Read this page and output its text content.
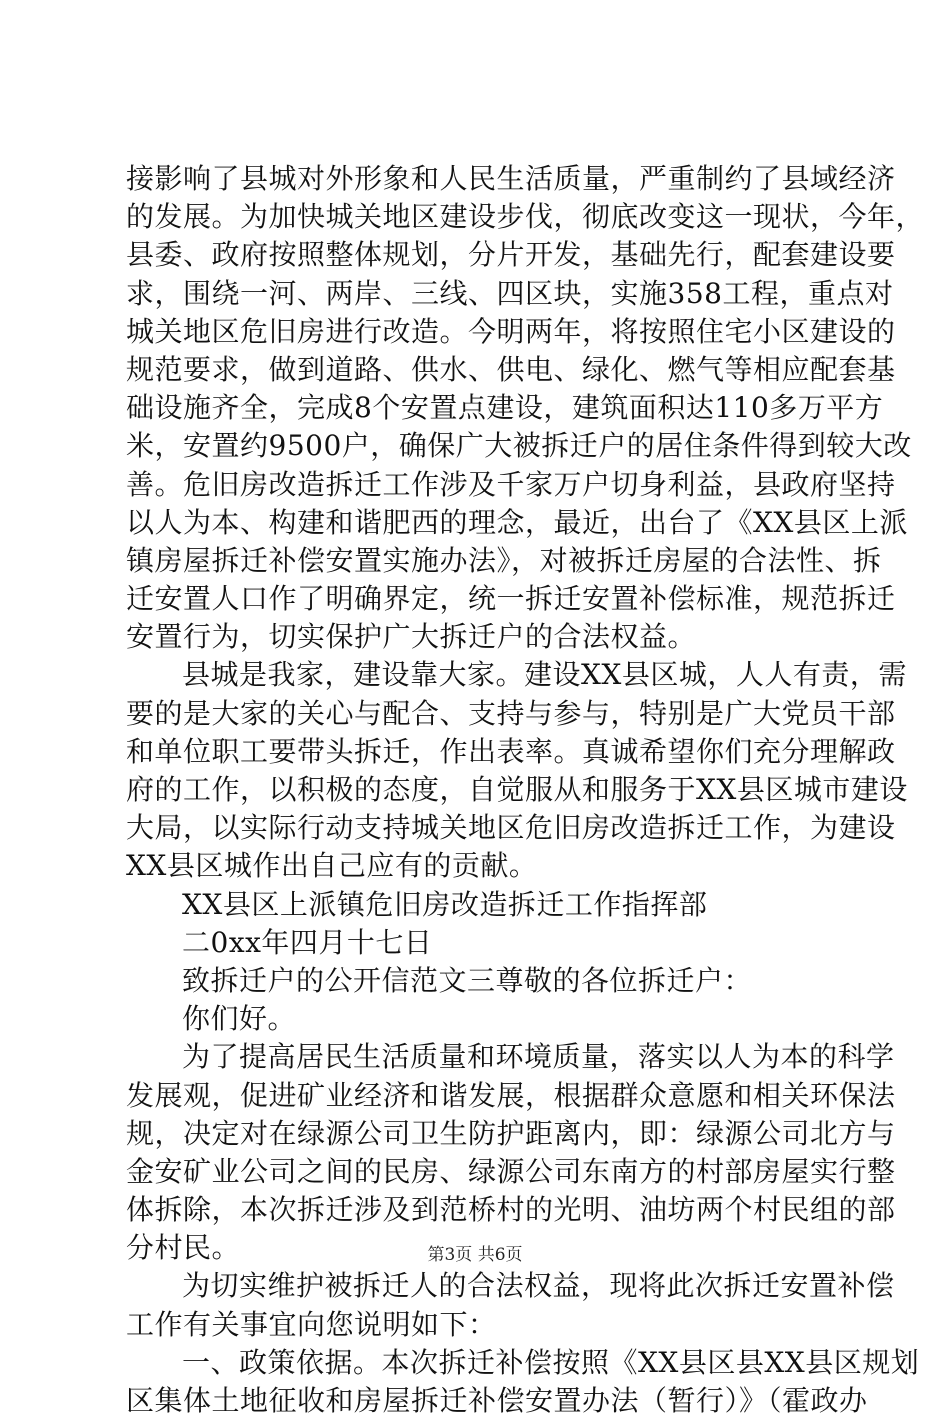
接影响了县城对外形象和人民生活质量，严重制约了县域经济
的发展。为加快城关地区建设步伐，彻底改变这一现状，今年，
县委、政府按照整体规划，分片开发，基础先行，配套建设要
求，围绕一河、两岸、三线、四区块，实施358工程，重点对
城关地区危旧房进行改造。今明两年，将按照住宅小区建设的
规范要求，做到道路、供水、供电、绿化、燃气等相应配套基
础设施齐全，完成8个安置点建设，建筑面积达110多万平方
米，安置约9500户，确保广大被拆迁户的居住条件得到较大改
善。危旧房改造拆迁工作涉及千家万户切身利益，县政府坚持
以人为本、构建和谐肥西的理念，最近，出台了《XX县区上派
镇房屋拆迁补偿安置实施办法》，对被拆迁房屋的合法性、拆
迁安置人口作了明确界定，统一拆迁安置补偿标准，规范拆迁
安置行为，切实保护广大拆迁户的合法权益。
县城是我家，建设靠大家。建设XX县区城，人人有责，需
要的是大家的关心与配合、支持与参与，特别是广大党员干部
和单位职工要带头拆迁，作出表率。真诚希望你们充分理解政
府的工作，以积极的态度，自觉服从和服务于XX县区城市建设
大局，以实际行动支持城关地区危旧房改造拆迁工作，为建设
XX县区城作出自己应有的贡献。
XX县区上派镇危旧房改造拆迁工作指挥部
二0xx年四月十七日
致拆迁户的公开信范文三尊敬的各位拆迁户：
你们好。
为了提高居民生活质量和环境质量，落实以人为本的科学
发展观，促进矿业经济和谐发展，根据群众意愿和相关环保法
规，决定对在绿源公司卫生防护距离内，即：绿源公司北方与
金安矿业公司之间的民房、绿源公司东南方的村部房屋实行整
体拆除，本次拆迁涉及到范桥村的光明、油坊两个村民组的部
分村民。
为切实维护被拆迁人的合法权益，现将此次拆迁安置补偿
工作有关事宜向您说明如下：
一、政策依据。本次拆迁补偿按照《XX县区县XX县区规划
区集体土地征收和房屋拆迁补偿安置办法（暂行）》（霍政办
第3页 共6页
